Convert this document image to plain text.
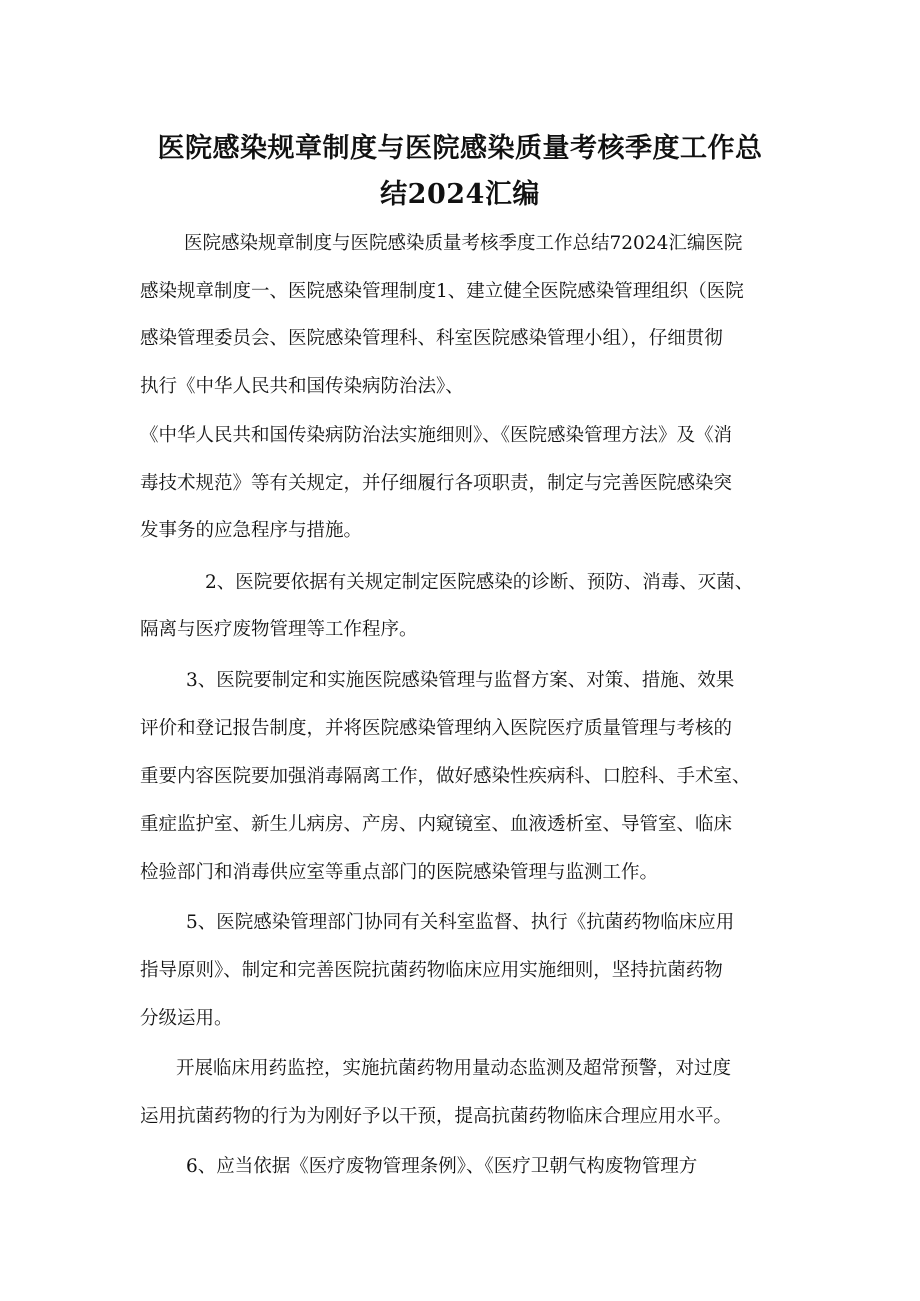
医院感染规章制度与医院感染质量考核季度工作总
结2024汇编

医院感染规章制度与医院感染质量考核季度工作总结72024汇编医院

感染规章制度一、医院感染管理制度1、建立健全医院感染管理组织（医院

感染管理委员会、医院感染管理科、科室医院感染管理小组），仔细贯彻

执行《中华人民共和国传染病防治法》、

《中华人民共和国传染病防治法实施细则》、《医院感染管理方法》及《消

毒技术规范》等有关规定，并仔细履行各项职责，制定与完善医院感染突

发事务的应急程序与措施。

2、医院要依据有关规定制定医院感染的诊断、预防、消毒、灭菌、

隔离与医疗废物管理等工作程序。

3、医院要制定和实施医院感染管理与监督方案、对策、措施、效果

评价和登记报告制度，并将医院感染管理纳入医院医疗质量管理与考核的

重要内容医院要加强消毒隔离工作，做好感染性疾病科、口腔科、手术室、

重症监护室、新生儿病房、产房、内窥镜室、血液透析室、导管室、临床

检验部门和消毒供应室等重点部门的医院感染管理与监测工作。

5、医院感染管理部门协同有关科室监督、执行《抗菌药物临床应用

指导原则》、制定和完善医院抗菌药物临床应用实施细则，坚持抗菌药物

分级运用。

开展临床用药监控，实施抗菌药物用量动态监测及超常预警，对过度

运用抗菌药物的行为为刚好予以干预，提高抗菌药物临床合理应用水平。

6、应当依据《医疗废物管理条例》、《医疗卫朝气构废物管理方
